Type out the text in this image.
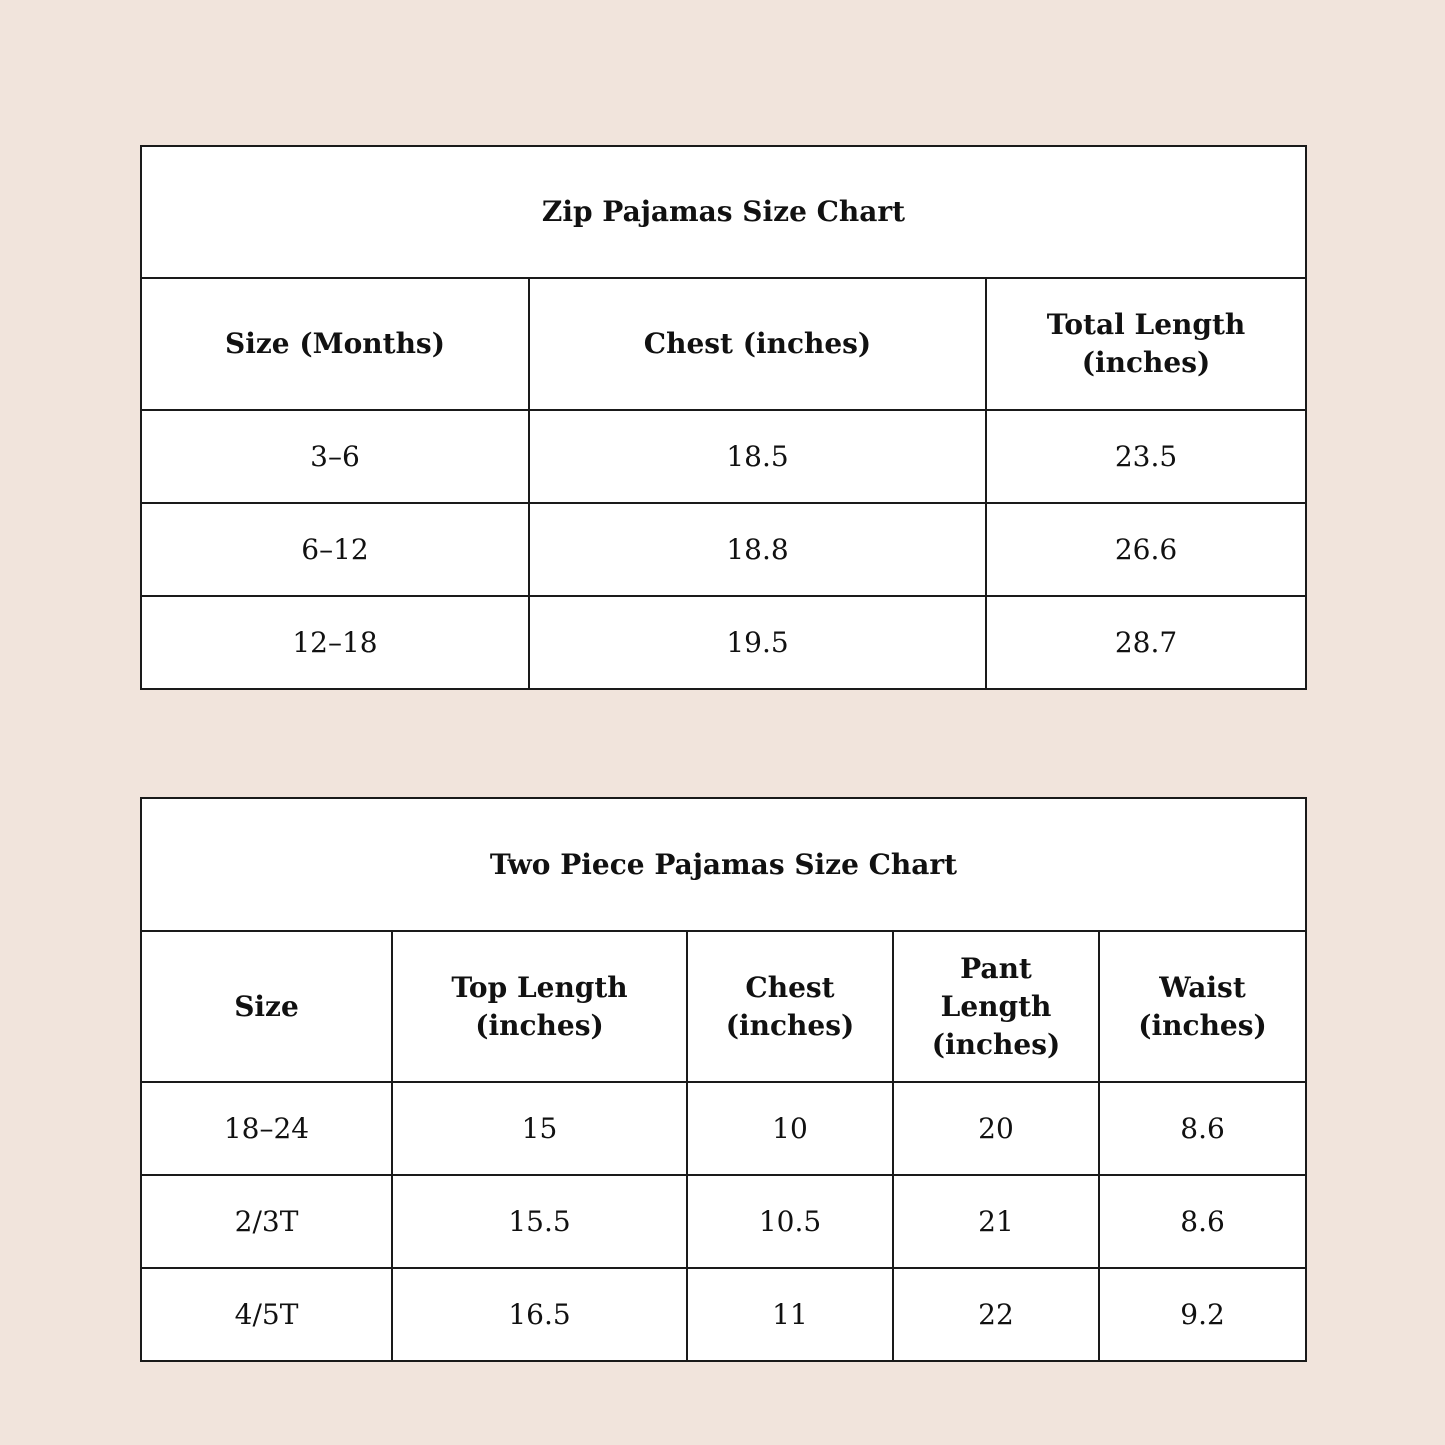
Zip Pajamas Size Chart		
Size (Months)	Chest (inches)	Total Length (inches)
3–6	18.5	23.5
6–12	18.8	26.6
12–18	19.5	28.7
Two Piece Pajamas Size Chart				
Size	Top Length (inches)	Chest (inches)	Pant Length (inches)	Waist (inches)
18–24	15	10	20	8.6
2/3T	15.5	10.5	21	8.6
4/5T	16.5	11	22	9.2
